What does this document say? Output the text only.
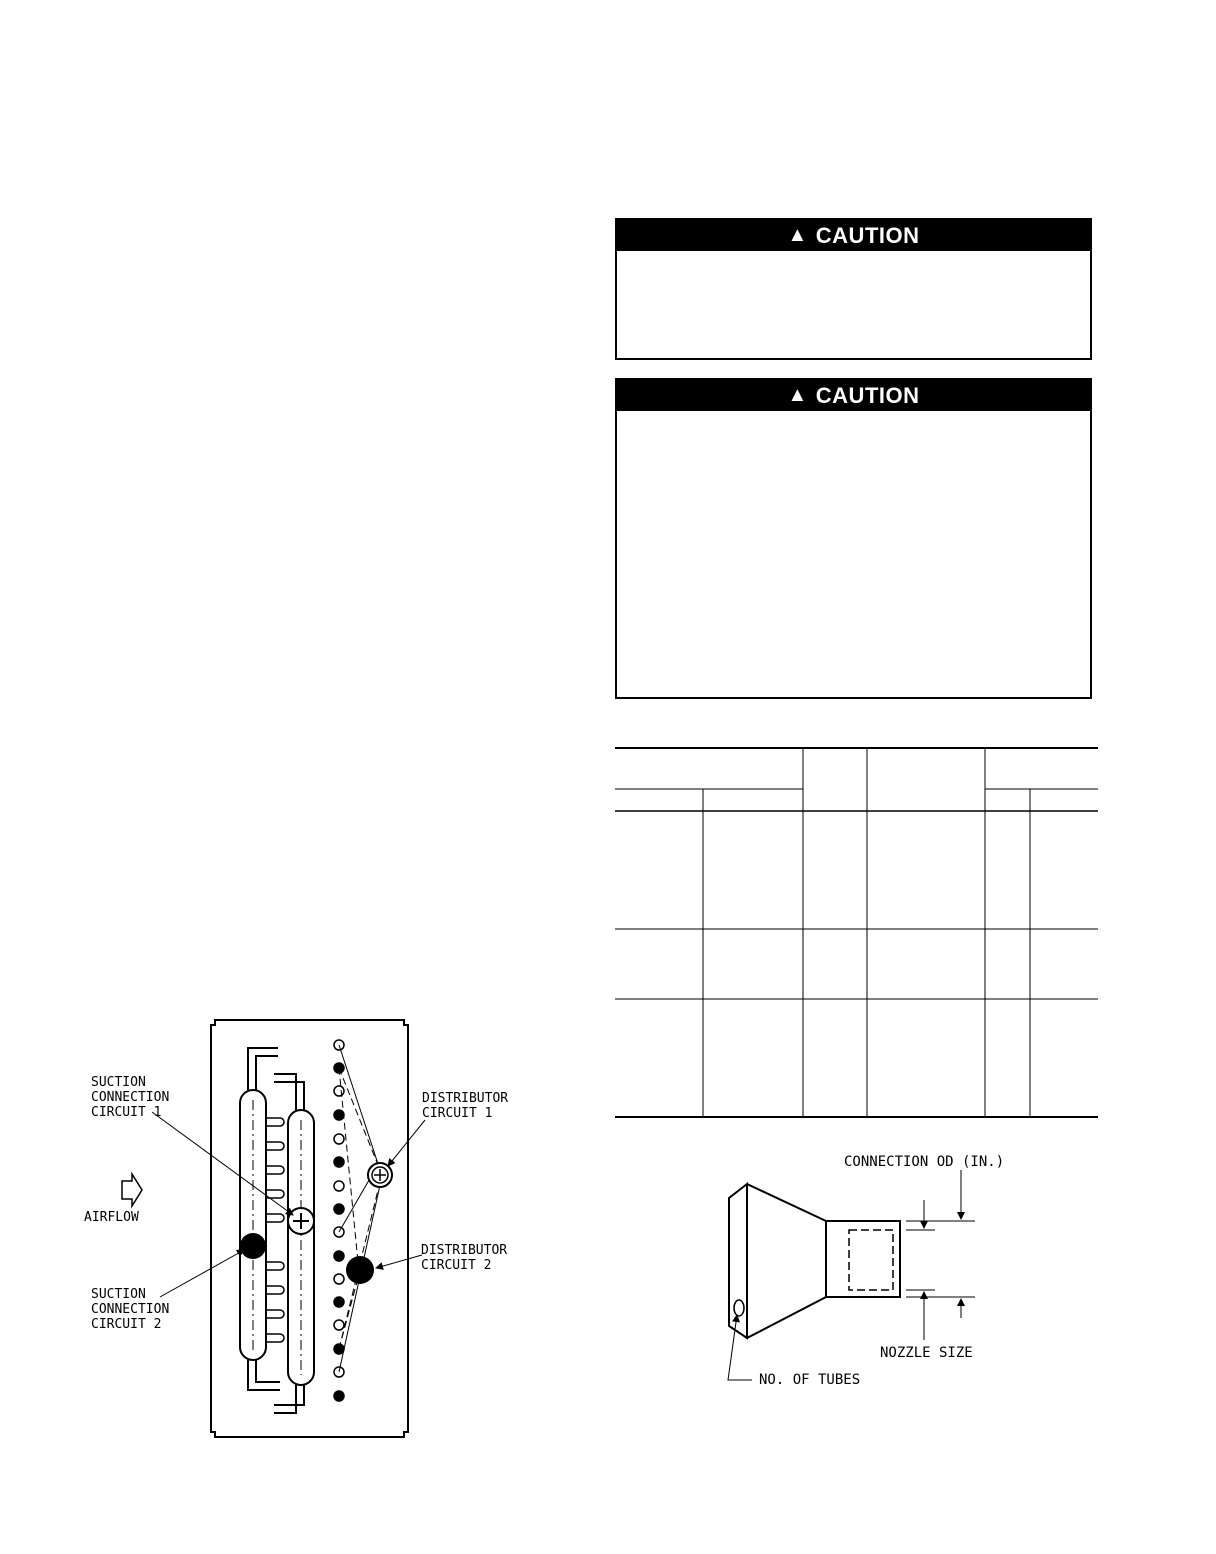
▲ CAUTION
▲ CAUTION
SUCTION
CONNECTION
CIRCUIT 1
AIRFLOW
SUCTION
CONNECTION
CIRCUIT 2
DISTRIBUTOR
CIRCUIT 1
DISTRIBUTOR
CIRCUIT 2
CONNECTION OD (IN.)
NOZZLE SIZE
NO. OF TUBES
